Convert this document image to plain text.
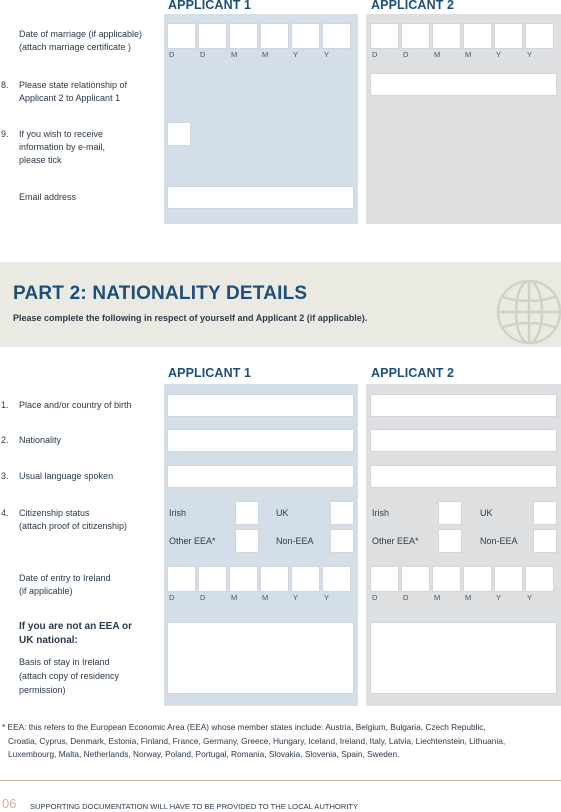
APPLICANT 1	APPLICANT 2
Date of marriage (if applicable)
(attach marriage certificate )
8. Please state relationship of
Applicant 2 to Applicant 1
9. If you wish to receive
information by e-mail,
please tick
Email address
PART 2: NATIONALITY DETAILS
Please complete the following in respect of yourself and Applicant 2 (if applicable).
APPLICANT 1	APPLICANT 2
1. Place and/or country of birth
2. Nationality
3. Usual language spoken
4. Citizenship status
(attach proof of citizenship)
Irish	UK
Other EEA*	Non-EEA
Irish	UK
Other EEA*	Non-EEA
Date of entry to Ireland
(if applicable)
If you are not an EEA or
UK national:
Basis of stay in Ireland
(attach copy of residency
permission)
* EEA: this refers to the European Economic Area (EEA) whose member states include: Austria, Belgium, Bulgaria, Czech Republic,
Croatia, Cyprus, Denmark, Estonia, Finland, France, Germany, Greece, Hungary, Iceland, Ireland, Italy, Latvia, Liechtenstein, Lithuania,
Luxembourg, Malta, Netherlands, Norway, Poland, Portugal, Romania, Slovakia, Slovenia, Spain, Sweden.
06 SUPPORTING DOCUMENTATION WILL HAVE TO BE PROVIDED TO THE LOCAL AUTHORITY
D	D	M	M	Y	Y	D	D	M	M	Y	Y
D	D	M	M	Y	Y	D	D	M	M	Y	Y
